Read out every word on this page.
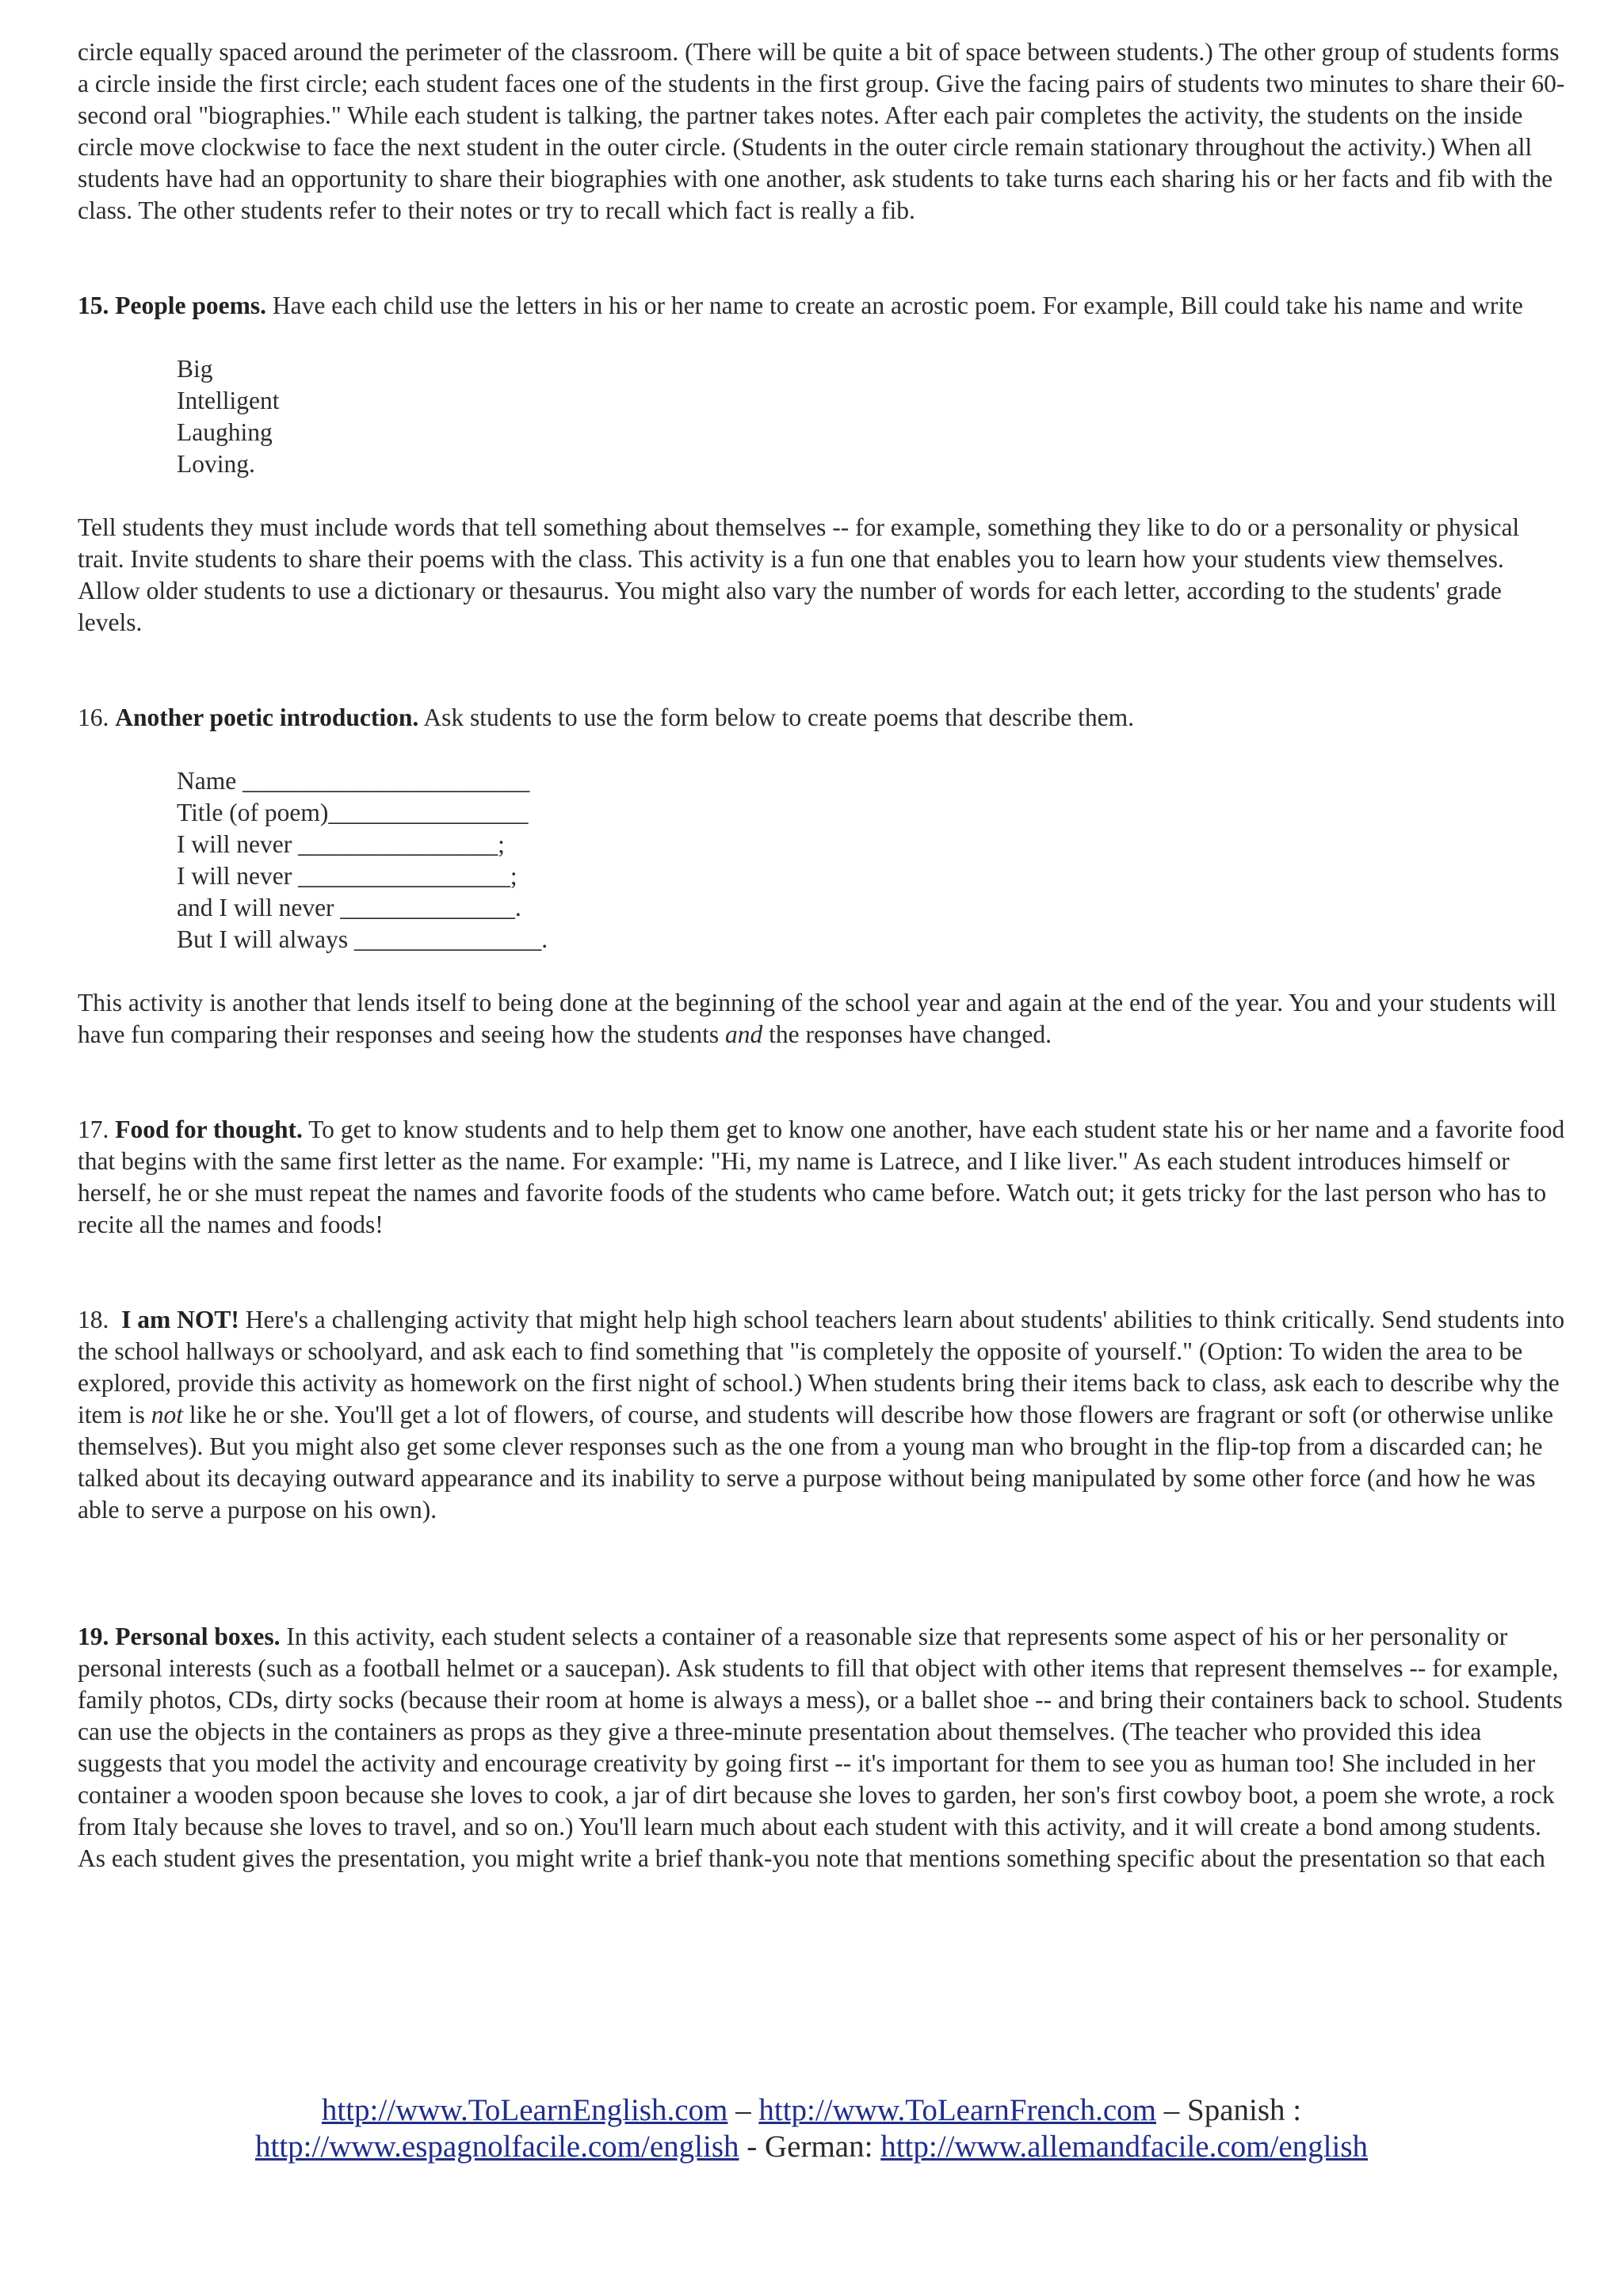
circle equally spaced around the perimeter of the classroom. (There will be quite a bit of space between students.) The other group of students forms a circle inside the first circle; each student faces one of the students in the first group. Give the facing pairs of students two minutes to share their 60-second oral "biographies." While each student is talking, the partner takes notes. After each pair completes the activity, the students on the inside circle move clockwise to face the next student in the outer circle. (Students in the outer circle remain stationary throughout the activity.) When all students have had an opportunity to share their biographies with one another, ask students to take turns each sharing his or her facts and fib with the class. The other students refer to their notes or try to recall which fact is really a fib.

15. People poems. Have each child use the letters in his or her name to create an acrostic poem. For example, Bill could take his name and write

Big
Intelligent
Laughing
Loving.

Tell students they must include words that tell something about themselves -- for example, something they like to do or a personality or physical trait. Invite students to share their poems with the class. This activity is a fun one that enables you to learn how your students view themselves. Allow older students to use a dictionary or thesaurus. You might also vary the number of words for each letter, according to the students' grade levels.

16. Another poetic introduction. Ask students to use the form below to create poems that describe them.

Name _______________________
Title (of poem)________________
I will never ________________;
I will never _________________;
and I will never ______________.
But I will always _______________.

This activity is another that lends itself to being done at the beginning of the school year and again at the end of the year. You and your students will have fun comparing their responses and seeing how the students and the responses have changed.

17. Food for thought. To get to know students and to help them get to know one another, have each student state his or her name and a favorite food that begins with the same first letter as the name. For example: "Hi, my name is Latrece, and I like liver." As each student introduces himself or herself, he or she must repeat the names and favorite foods of the students who came before. Watch out; it gets tricky for the last person who has to recite all the names and foods!

18.  I am NOT! Here's a challenging activity that might help high school teachers learn about students' abilities to think critically. Send students into the school hallways or schoolyard, and ask each to find something that "is completely the opposite of yourself." (Option: To widen the area to be explored, provide this activity as homework on the first night of school.) When students bring their items back to class, ask each to describe why the item is not like he or she. You'll get a lot of flowers, of course, and students will describe how those flowers are fragrant or soft (or otherwise unlike themselves). But you might also get some clever responses such as the one from a young man who brought in the flip-top from a discarded can; he talked about its decaying outward appearance and its inability to serve a purpose without being manipulated by some other force (and how he was able to serve a purpose on his own).

19. Personal boxes. In this activity, each student selects a container of a reasonable size that represents some aspect of his or her personality or personal interests (such as a football helmet or a saucepan). Ask students to fill that object with other items that represent themselves -- for example, family photos, CDs, dirty socks (because their room at home is always a mess), or a ballet shoe -- and bring their containers back to school. Students can use the objects in the containers as props as they give a three-minute presentation about themselves. (The teacher who provided this idea suggests that you model the activity and encourage creativity by going first -- it's important for them to see you as human too! She included in her container a wooden spoon because she loves to cook, a jar of dirt because she loves to garden, her son's first cowboy boot, a poem she wrote, a rock from Italy because she loves to travel, and so on.) You'll learn much about each student with this activity, and it will create a bond among students. As each student gives the presentation, you might write a brief thank-you note that mentions something specific about the presentation so that each

http://www.ToLearnEnglish.com – http://www.ToLearnFrench.com – Spanish :
http://www.espagnolfacile.com/english - German: http://www.allemandfacile.com/english
